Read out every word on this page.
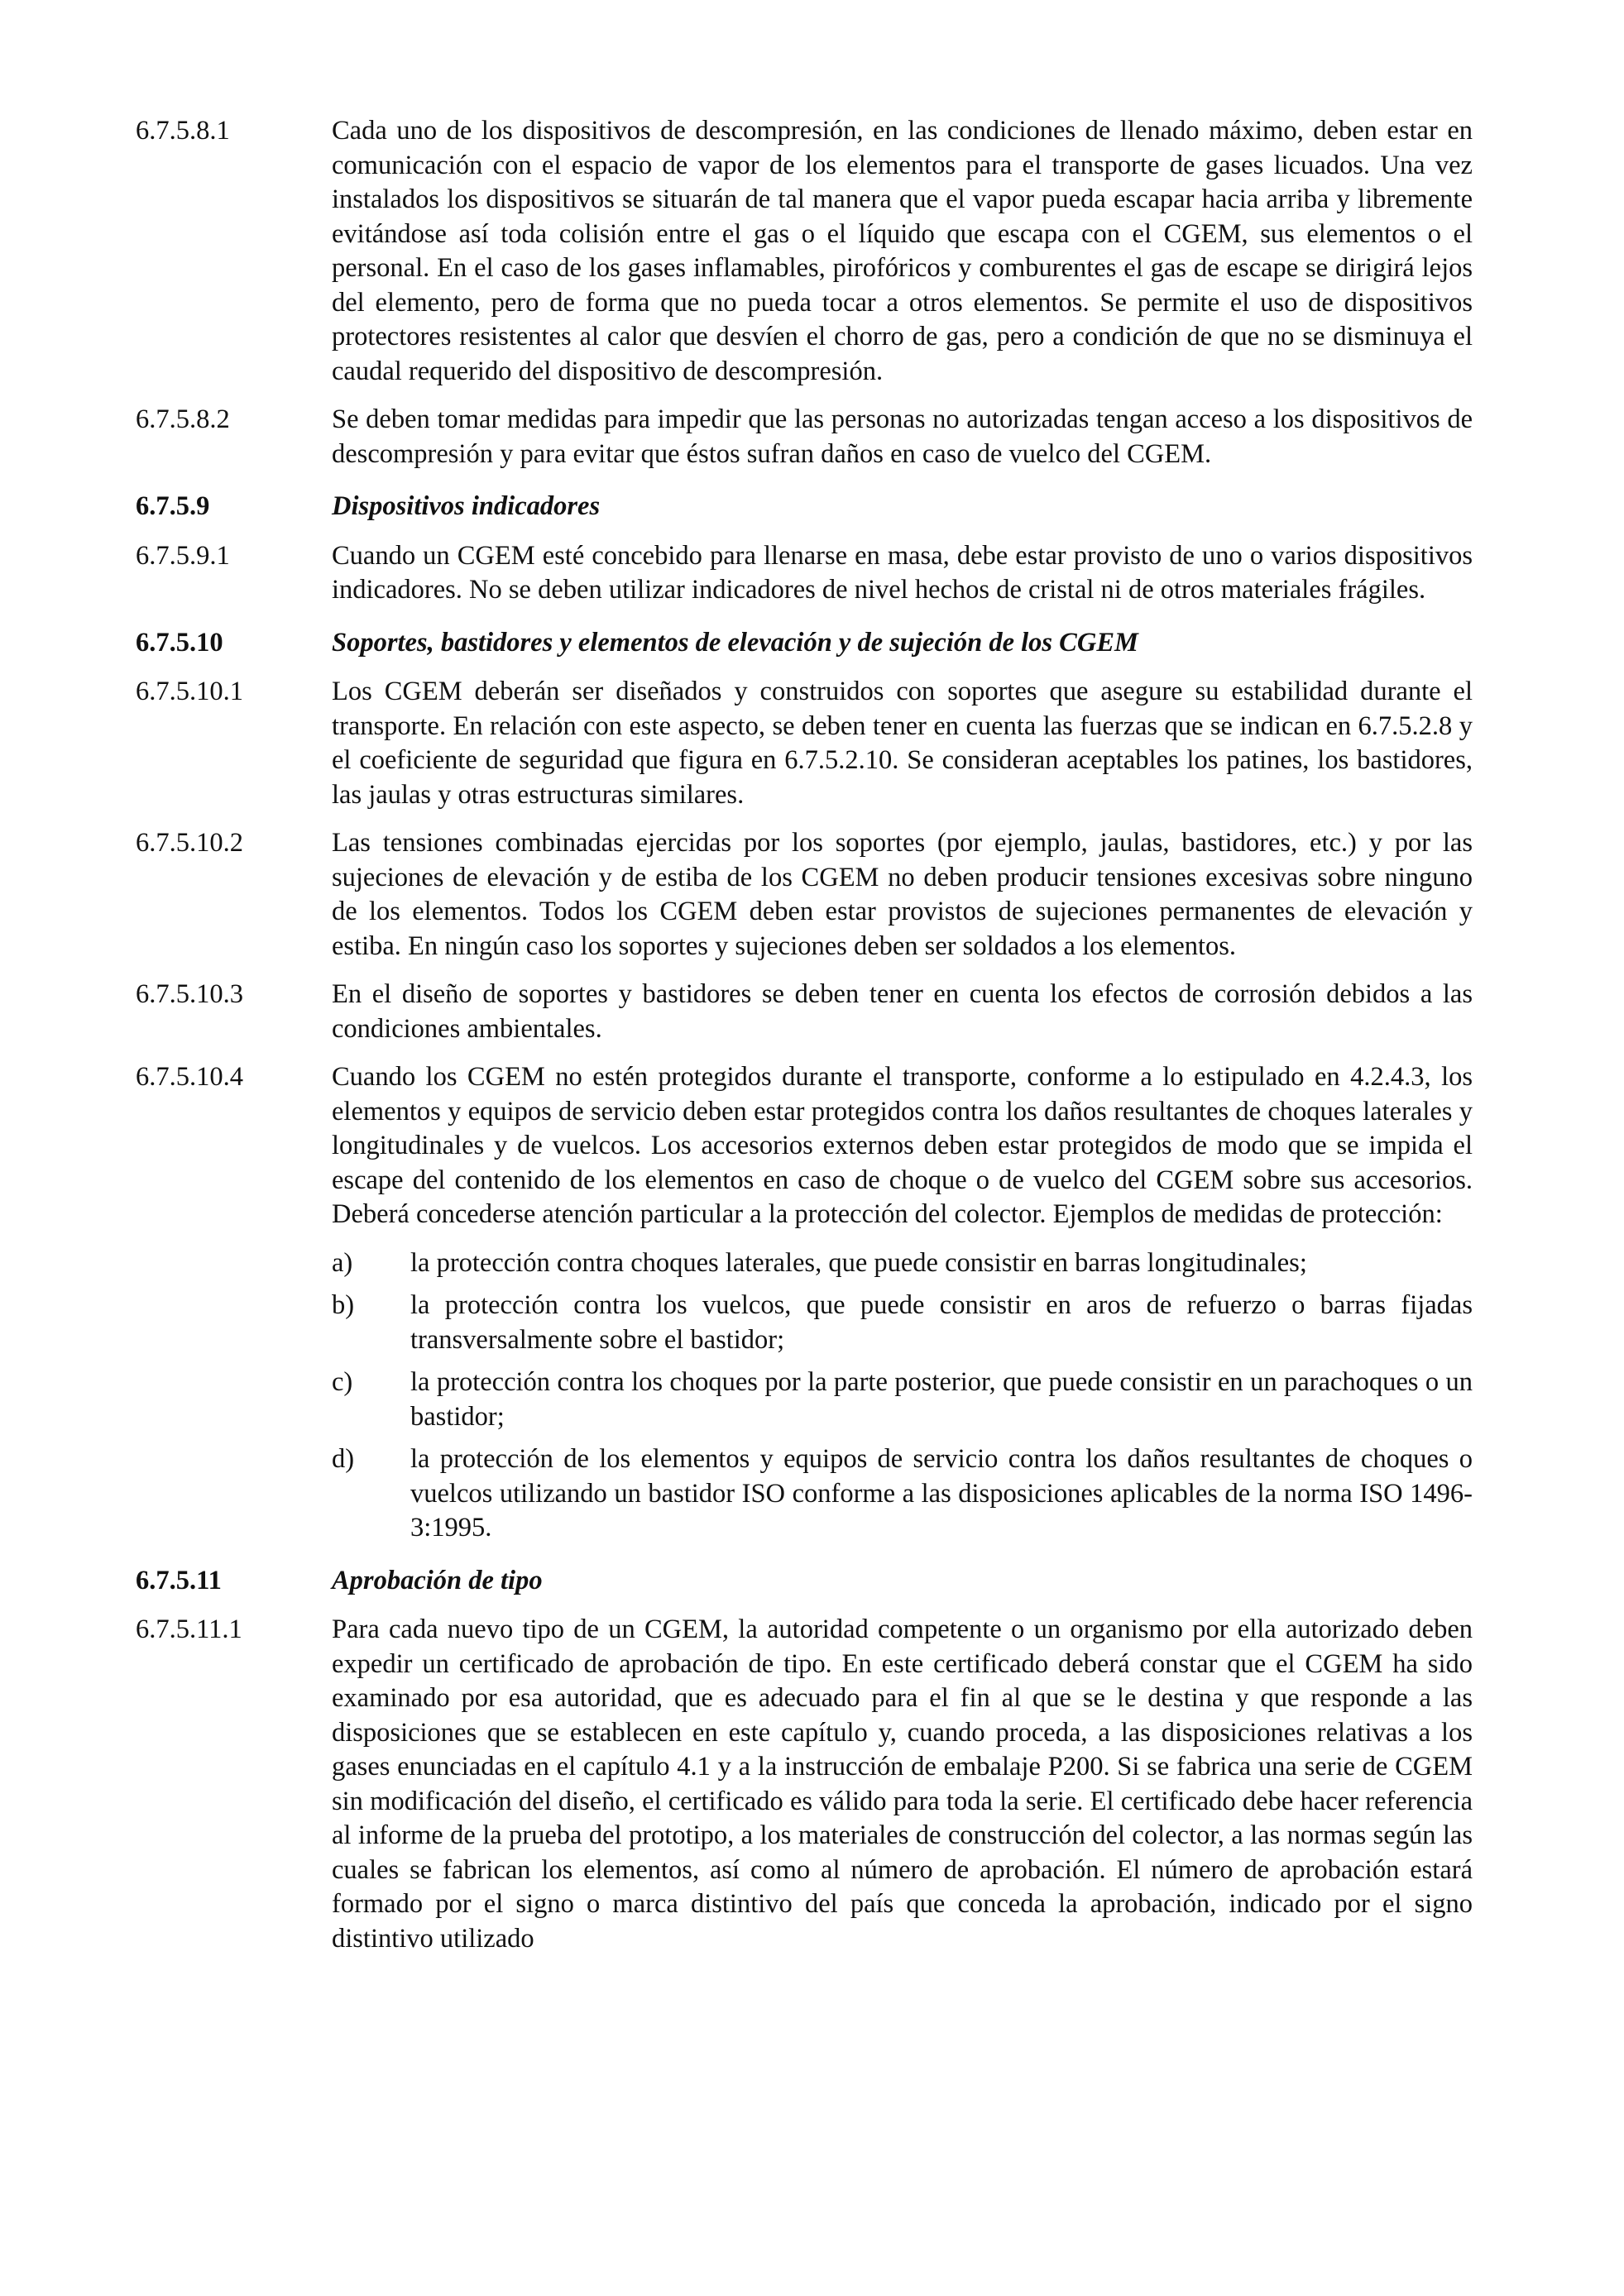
6.7.5.8.1	Cada uno de los dispositivos de descompresión, en las condiciones de llenado máximo, deben estar en comunicación con el espacio de vapor de los elementos para el transporte de gases licuados. Una vez instalados los dispositivos se situarán de tal manera que el vapor pueda escapar hacia arriba y libremente evitándose así toda colisión entre el gas o el líquido que escapa con el CGEM, sus elementos o el personal. En el caso de los gases inflamables, pirofóricos y comburentes el gas de escape se dirigirá lejos del elemento, pero de forma que no pueda tocar a otros elementos. Se permite el uso de dispositivos protectores resistentes al calor que desvíen el chorro de gas, pero a condición de que no se disminuya el caudal requerido del dispositivo de descompresión.
6.7.5.8.2	Se deben tomar medidas para impedir que las personas no autorizadas tengan acceso a los dispositivos de descompresión y para evitar que éstos sufran daños en caso de vuelco del CGEM.
6.7.5.9	Dispositivos indicadores
6.7.5.9.1	Cuando un CGEM esté concebido para llenarse en masa, debe estar provisto de uno o varios dispositivos indicadores. No se deben utilizar indicadores de nivel hechos de cristal ni de otros materiales frágiles.
6.7.5.10	Soportes, bastidores y elementos de elevación y de sujeción de los CGEM
6.7.5.10.1	Los CGEM deberán ser diseñados y construidos con soportes que asegure su estabilidad durante el transporte. En relación con este aspecto, se deben tener en cuenta las fuerzas que se indican en 6.7.5.2.8 y el coeficiente de seguridad que figura en 6.7.5.2.10. Se consideran aceptables los patines, los bastidores, las jaulas y otras estructuras similares.
6.7.5.10.2	Las tensiones combinadas ejercidas por los soportes (por ejemplo, jaulas, bastidores, etc.) y por las sujeciones de elevación y de estiba de los CGEM no deben producir tensiones excesivas sobre ninguno de los elementos. Todos los CGEM deben estar provistos de sujeciones permanentes de elevación y estiba. En ningún caso los soportes y sujeciones deben ser soldados a los elementos.
6.7.5.10.3	En el diseño de soportes y bastidores se deben tener en cuenta los efectos de corrosión debidos a las condiciones ambientales.
6.7.5.10.4	Cuando los CGEM no estén protegidos durante el transporte, conforme a lo estipulado en 4.2.4.3, los elementos y equipos de servicio deben estar protegidos contra los daños resultantes de choques laterales y longitudinales y de vuelcos. Los accesorios externos deben estar protegidos de modo que se impida el escape del contenido de los elementos en caso de choque o de vuelco del CGEM sobre sus accesorios. Deberá concederse atención particular a la protección del colector. Ejemplos de medidas de protección:
a)	la protección contra choques laterales, que puede consistir en barras longitudinales;
b)	la protección contra los vuelcos, que puede consistir en aros de refuerzo o barras fijadas transversalmente sobre el bastidor;
c)	la protección contra los choques por la parte posterior, que puede consistir en un parachoques o un bastidor;
d)	la protección de los elementos y equipos de servicio contra los daños resultantes de choques o vuelcos utilizando un bastidor ISO conforme a las disposiciones aplicables de la norma ISO 1496-3:1995.
6.7.5.11	Aprobación de tipo
6.7.5.11.1	Para cada nuevo tipo de un CGEM, la autoridad competente o un organismo por ella autorizado deben expedir un certificado de aprobación de tipo. En este certificado deberá constar que el CGEM ha sido examinado por esa autoridad, que es adecuado para el fin al que se le destina y que responde a las disposiciones que se establecen en este capítulo y, cuando proceda, a las disposiciones relativas a los gases enunciadas en el capítulo 4.1 y a la instrucción de embalaje P200. Si se fabrica una serie de CGEM sin modificación del diseño, el certificado es válido para toda la serie. El certificado debe hacer referencia al informe de la prueba del prototipo, a los materiales de construcción del colector, a las normas según las cuales se fabrican los elementos, así como al número de aprobación. El número de aprobación estará formado por el signo o marca distintivo del país que conceda la aprobación, indicado por el signo distintivo utilizado
